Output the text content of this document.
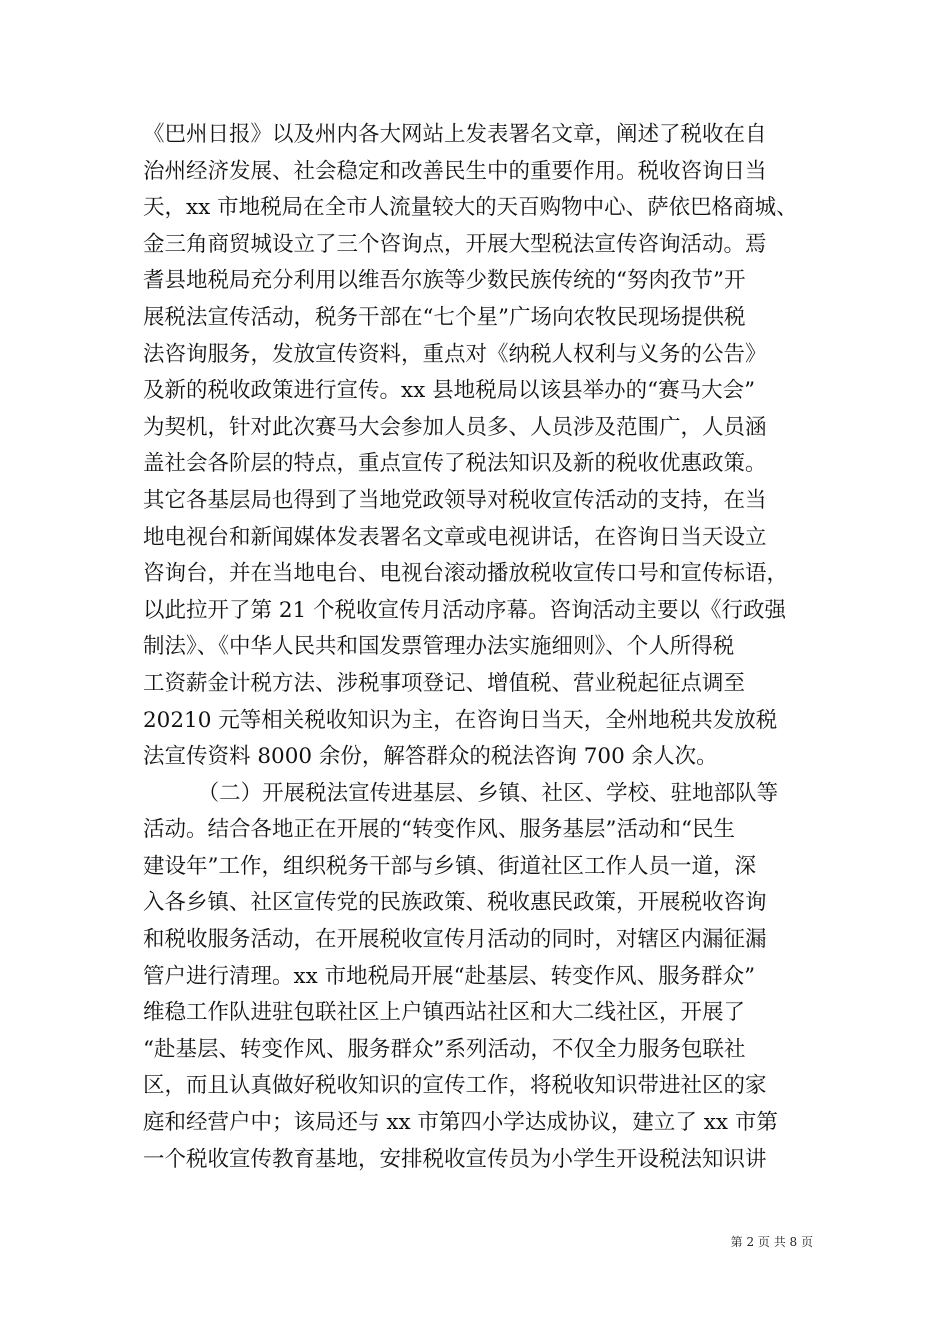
《巴州日报》以及州内各大网站上发表署名文章，阐述了税收在自
治州经济发展、社会稳定和改善民生中的重要作用。税收咨询日当
天，xx 市地税局在全市人流量较大的天百购物中心、萨依巴格商城、
金三角商贸城设立了三个咨询点，开展大型税法宣传咨询活动。焉
耆县地税局充分利用以维吾尔族等少数民族传统的“努肉孜节”开
展税法宣传活动，税务干部在“七个星”广场向农牧民现场提供税
法咨询服务，发放宣传资料，重点对《纳税人权利与义务的公告》
及新的税收政策进行宣传。xx 县地税局以该县举办的“赛马大会”
为契机，针对此次赛马大会参加人员多、人员涉及范围广，人员涵
盖社会各阶层的特点，重点宣传了税法知识及新的税收优惠政策。
其它各基层局也得到了当地党政领导对税收宣传活动的支持，在当
地电视台和新闻媒体发表署名文章或电视讲话，在咨询日当天设立
咨询台，并在当地电台、电视台滚动播放税收宣传口号和宣传标语，
以此拉开了第 21 个税收宣传月活动序幕。咨询活动主要以《行政强
制法》、《中华人民共和国发票管理办法实施细则》、个人所得税
工资薪金计税方法、涉税事项登记、增值税、营业税起征点调至
20210 元等相关税收知识为主，在咨询日当天，全州地税共发放税
法宣传资料 8000 余份，解答群众的税法咨询 700 余人次。
（二）开展税法宣传进基层、乡镇、社区、学校、驻地部队等
活动。结合各地正在开展的“转变作风、服务基层”活动和“民生
建设年”工作，组织税务干部与乡镇、街道社区工作人员一道，深
入各乡镇、社区宣传党的民族政策、税收惠民政策，开展税收咨询
和税收服务活动，在开展税收宣传月活动的同时，对辖区内漏征漏
管户进行清理。xx 市地税局开展“赴基层、转变作风、服务群众”
维稳工作队进驻包联社区上户镇西站社区和大二线社区，开展了
“赴基层、转变作风、服务群众”系列活动，不仅全力服务包联社
区，而且认真做好税收知识的宣传工作，将税收知识带进社区的家
庭和经营户中；该局还与 xx 市第四小学达成协议，建立了 xx 市第
一个税收宣传教育基地，安排税收宣传员为小学生开设税法知识讲
第 2 页 共 8 页
